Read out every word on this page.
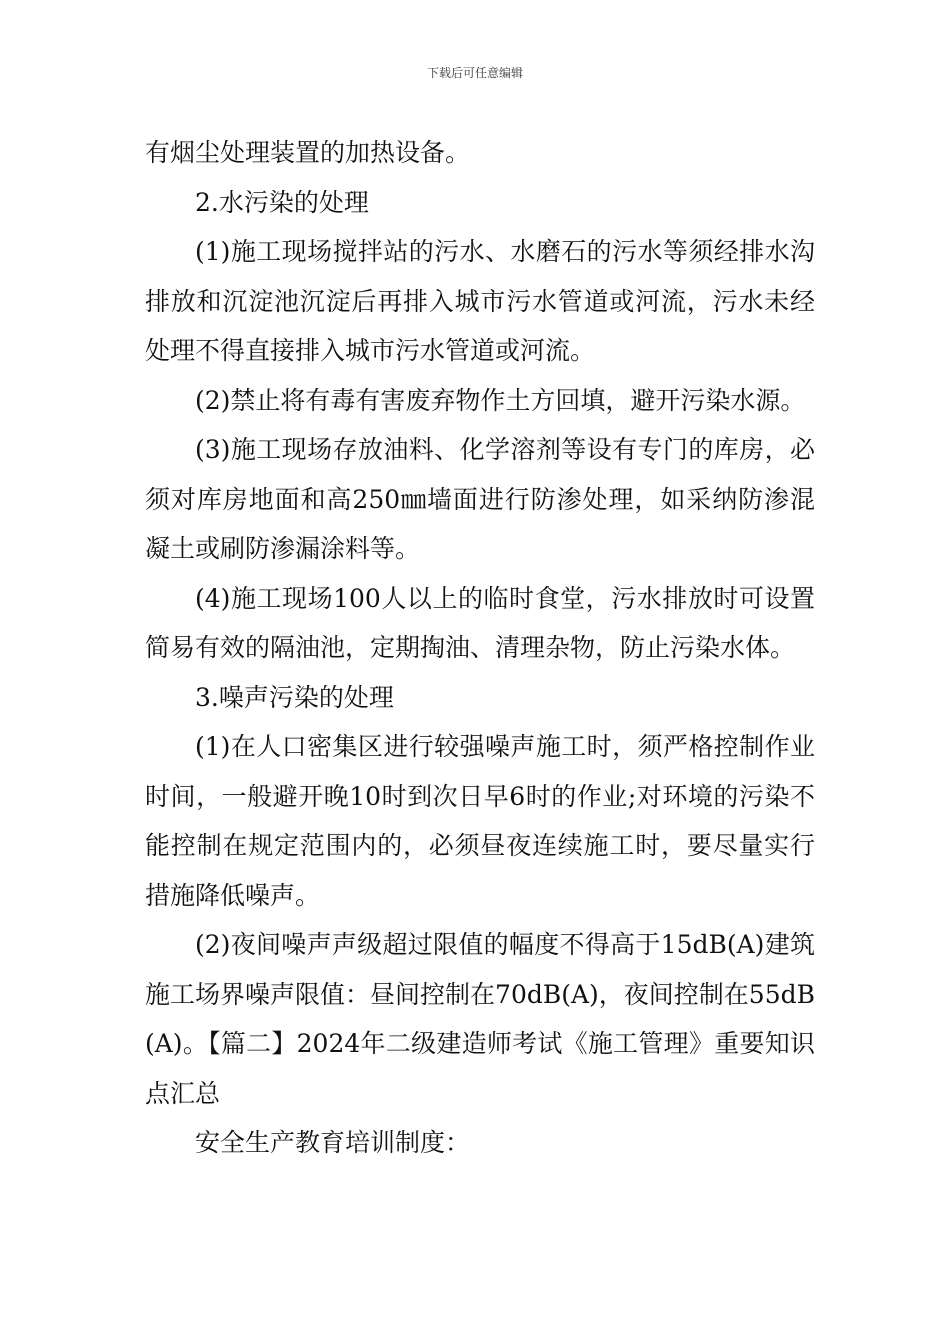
下载后可任意编辑

有烟尘处理装置的加热设备。

2.水污染的处理

(1)施工现场搅拌站的污水、水磨石的污水等须经排水沟排放和沉淀池沉淀后再排入城市污水管道或河流，污水未经处理不得直接排入城市污水管道或河流。

(2)禁止将有毒有害废弃物作土方回填，避开污染水源。

(3)施工现场存放油料、化学溶剂等设有专门的库房，必须对库房地面和高250㎜墙面进行防渗处理，如采纳防渗混凝土或刷防渗漏涂料等。

(4)施工现场100人以上的临时食堂，污水排放时可设置简易有效的隔油池，定期掏油、清理杂物，防止污染水体。

3.噪声污染的处理

(1)在人口密集区进行较强噪声施工时，须严格控制作业时间，一般避开晚10时到次日早6时的作业;对环境的污染不能控制在规定范围内的，必须昼夜连续施工时，要尽量实行措施降低噪声。

(2)夜间噪声声级超过限值的幅度不得高于15dB(A)建筑施工场界噪声限值：昼间控制在70dB(A)，夜间控制在55dB(A)。【篇二】2024年二级建造师考试《施工管理》重要知识点汇总

安全生产教育培训制度：
